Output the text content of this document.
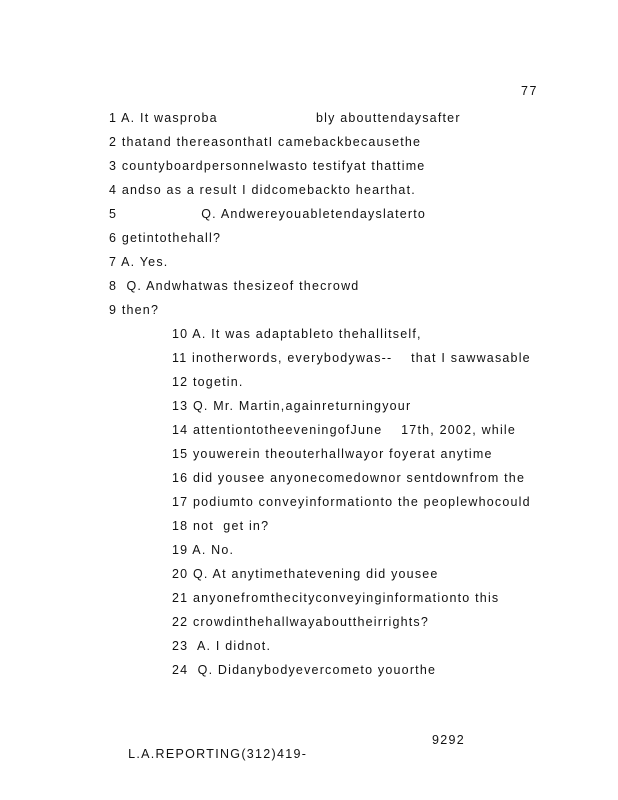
77
1 A. It wasproba                     bly abouttendaysafter
2 thatand thereasonthatI camebackbecausethe
3 countyboardpersonnelwasto testifyat thattime
4 andso as a result I didcomebackto hearthat.
5                  Q. Andwereyouabletendayslaterto
6 getintothehall?
7 A. Yes.
8  Q. Andwhatwas thesizeof thecrowd
9 then?
10 A. It was adaptableto thehallitself,
11 inotherwords, everybodywas--    that I sawwasable
12 togetin.
13 Q. Mr. Martin,againreturningyour
14 attentiontotheeveningofJune    17th, 2002, while
15 youwerein theouterhallwayor foyerat anytime
16 did yousee anyonecomedownor sentdownfrom the
17 podiumto conveyinformationto the peoplewhocould
18 not  get in?
19 A. No.
20 Q. At anytimethatevening did yousee
21 anyonefromthecityconveyinginformationto this
22 crowdinthehallwayabouttheirrights?
23  A. I didnot.
24  Q. Didanybodyevercometo youorthe

L.A.REPORTING(312)419-

9292
